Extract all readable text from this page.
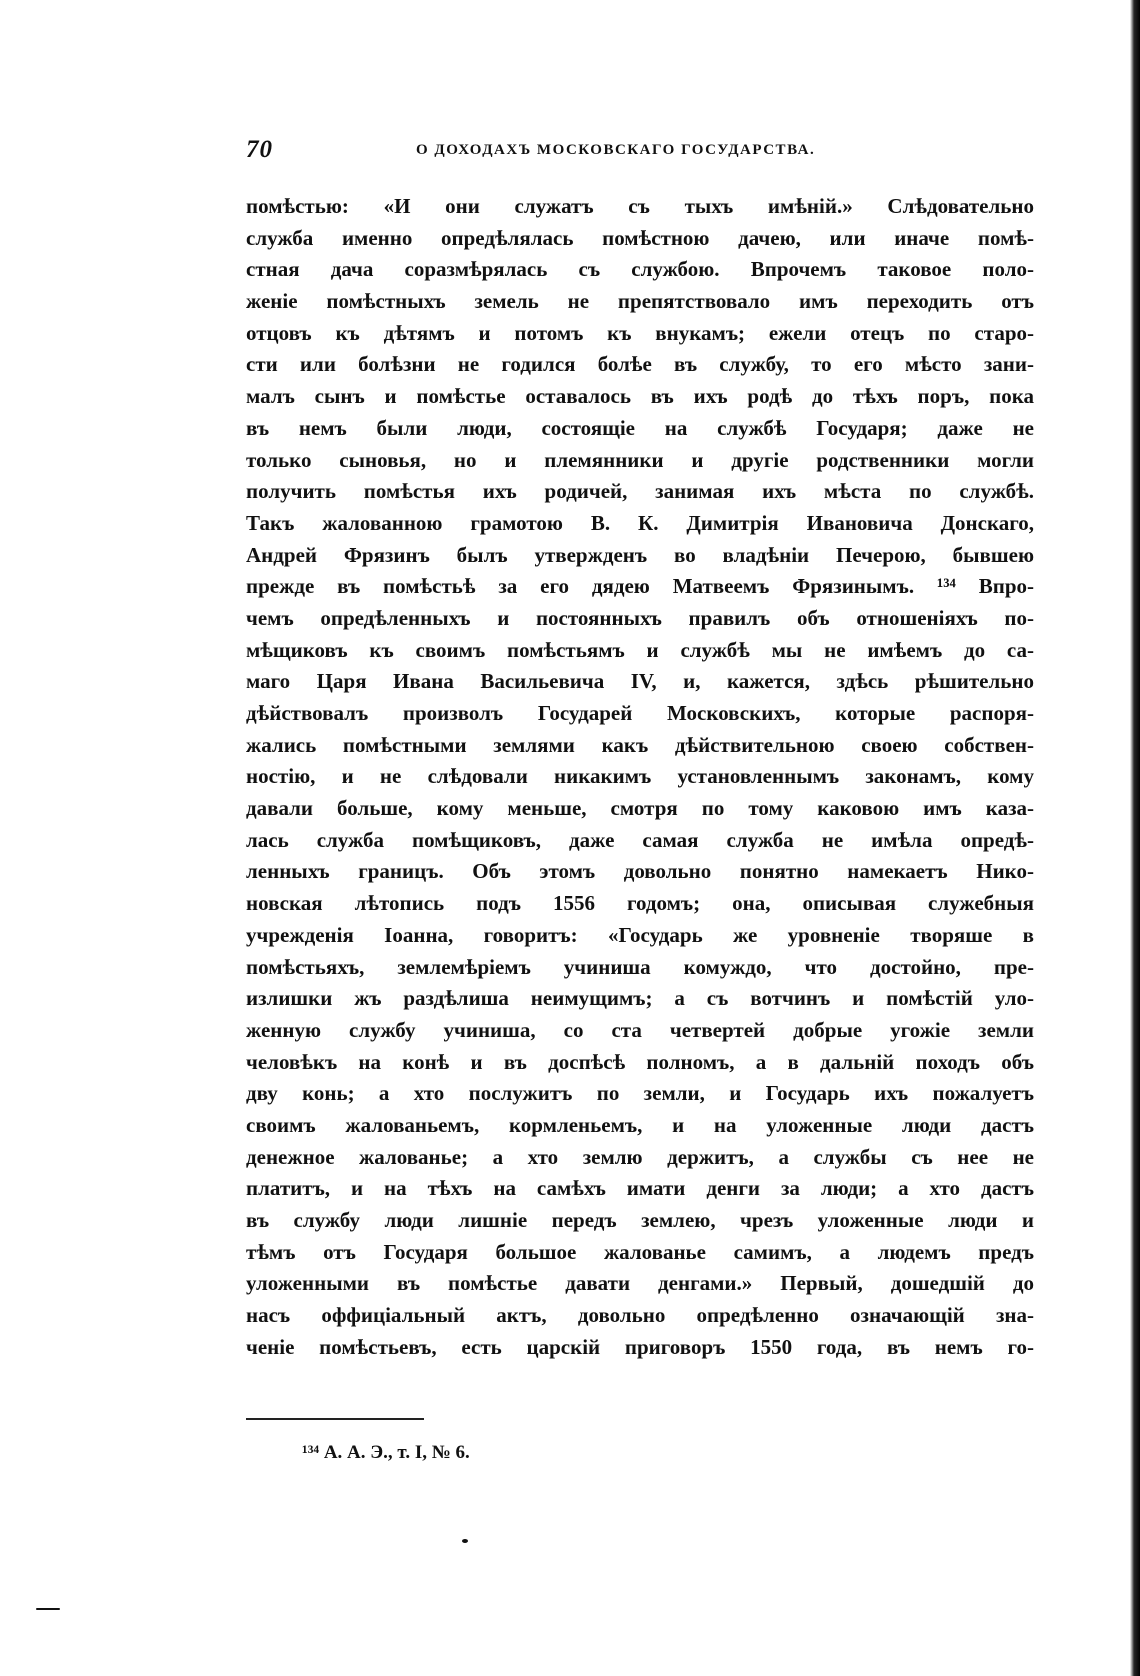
70	О ДОХОДАХЪ МОСКОВСКАГО ГОСУДАРСТВА.
помѣстью: «И они служатъ съ тыхъ имѣній.» Слѣдовательно
служба именно опредѣлялась помѣстною дачею, или иначе помѣ-
стная дача соразмѣрялась съ службою. Впрочемъ таковое поло-
женіе помѣстныхъ земель не препятствовало имъ переходить отъ
отцовъ къ дѣтямъ и потомъ къ внукамъ; ежели отецъ по старо-
сти или болѣзни не годился болѣе въ службу, то его мѣсто зани-
малъ сынъ и помѣстье оставалось въ ихъ родѣ до тѣхъ поръ, пока
въ немъ были люди, состоящіе на службѣ Государя; даже не
только сыновья, но и племянники и другіе родственники могли
получить помѣстья ихъ родичей, занимая ихъ мѣста по службѣ.
Такъ жалованною грамотою В. К. Димитрія Ивановича Донскаго,
Андрей Фрязинъ былъ утвержденъ во владѣніи Печерою, бывшею
прежде въ помѣстьѣ за его дядею Матвеемъ Фрязинымъ. ¹³⁴ Впро-
чемъ опредѣленныхъ и постоянныхъ правилъ объ отношеніяхъ по-
мѣщиковъ къ своимъ помѣстьямъ и службѣ мы не имѣемъ до са-
маго Царя Ивана Васильевича IV, и, кажется, здѣсь рѣшительно
дѣйствовалъ произволъ Государей Московскихъ, которые распоря-
жались помѣстными землями какъ дѣйствительною своею собствен-
ностію, и не слѣдовали никакимъ установленнымъ законамъ, кому
давали больше, кому меньше, смотря по тому каковою имъ каза-
лась служба помѣщиковъ, даже самая служба не имѣла опредѣ-
ленныхъ границъ. Объ этомъ довольно понятно намекаетъ Нико-
новская лѣтопись подъ 1556 годомъ; она, описывая служебныя
учрежденія Іоанна, говоритъ: «Государь же уровненіе творяше в
помѣстьяхъ, землемѣріемъ учиниша комуждо, что достойно, пре-
излишки жъ раздѣлиша неимущимъ; а съ вотчинъ и помѣстій уло-
женную службу учиниша, со ста четвертей добрые угожіе земли
человѣкъ на конѣ и въ доспѣсѣ полномъ, а в дальній походъ объ
дву конь; а хто послужитъ по земли, и Государь ихъ пожалуетъ
своимъ жалованьемъ, кормленьемъ, и на уложенные люди дастъ
денежное жалованье; а хто землю держитъ, а службы съ нее не
платитъ, и на тѣхъ на самѣхъ имати денги за люди; а хто дастъ
въ службу люди лишніе передъ землею, чрезъ уложенные люди и
тѣмъ отъ Государя большое жалованье самимъ, а людемъ предъ
уложенными въ помѣстье давати денгами.» Первый, дошедшій до
насъ оффиціальный актъ, довольно опредѣленно означающій зна-
ченіе помѣстьевъ, есть царскій приговоръ 1550 года, въ немъ го-
¹³⁴ А. А. Э., т. I, № 6.
